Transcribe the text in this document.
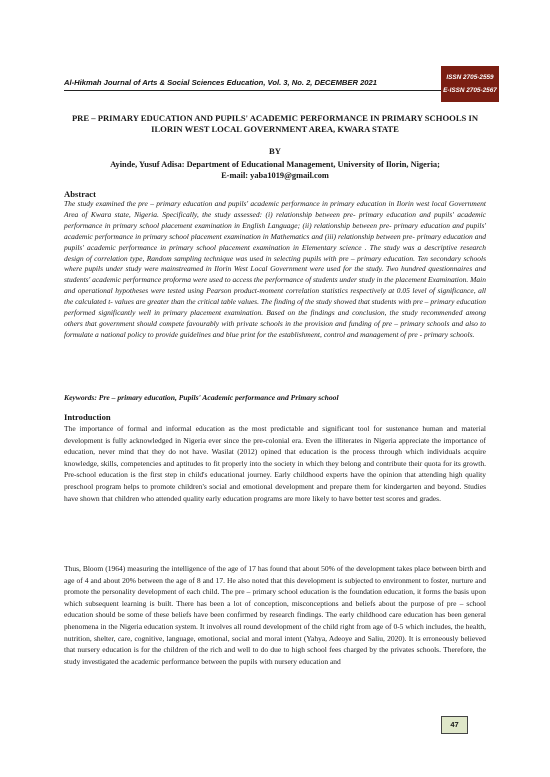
Al-Hikmah Journal of Arts & Social Sciences Education, Vol. 3, No. 2, DECEMBER 2021
ISSN 2705-2559
E-ISSN 2705-2567
PRE – PRIMARY EDUCATION AND PUPILS' ACADEMIC PERFORMANCE IN PRIMARY SCHOOLS IN ILORIN WEST LOCAL GOVERNMENT AREA, KWARA STATE
BY
Ayinde, Yusuf Adisa: Department of Educational Management, University of Ilorin, Nigeria;
E-mail: yaba1019@gmail.com
Abstract
The study examined the pre – primary education and pupils' academic performance in primary education in Ilorin west local Government Area of Kwara state, Nigeria. Specifically, the study assessed: (i) relationship between pre- primary education and pupils' academic performance in primary school placement examination in English Language; (ii) relationship between pre- primary education and pupils' academic performance in primary school placement examination in Mathematics and (iii) relationship between pre- primary education and pupils' academic performance in primary school placement examination in Elementary science . The study was a descriptive research design of correlation type, Random sampling technique was used in selecting pupils with pre – primary education. Ten secondary schools where pupils under study were mainstreamed in Ilorin West Local Government were used for the study. Two hundred questionnaires and students' academic performance proforma were used to access the performance of students under study in the placement Examination. Main and operational hypotheses were tested using Pearson product-moment correlation statistics respectively at 0.05 level of significance, all the calculated t- values are greater than the critical table values. The finding of the study showed that students with pre – primary education performed significantly well in primary placement examination. Based on the findings and conclusion, the study recommended among others that government should compete favourably with private schools in the provision and funding of pre – primary schools and also to formulate a national policy to provide guidelines and blue print for the establishment, control and management of pre - primary schools.
Keywords: Pre – primary education, Pupils' Academic performance and Primary school
Introduction
The importance of formal and informal education as the most predictable and significant tool for sustenance human and material development is fully acknowledged in Nigeria ever since the pre-colonial era. Even the illiterates in Nigeria appreciate the importance of education, never mind that they do not have. Wasilat (2012) opined that education is the process through which individuals acquire knowledge, skills, competencies and aptitudes to fit properly into the society in which they belong and contribute their quota for its growth. Pre-school education is the first step in child's educational journey. Early childhood experts have the opinion that attending high quality preschool program helps to promote children's social and emotional development and prepare them for kindergarten and beyond. Studies have shown that children who attended quality early education programs are more likely to have better test scores and grades.
Thus, Bloom (1964) measuring the intelligence of the age of 17 has found that about 50% of the development takes place between birth and age of 4 and about 20% between the age of 8 and 17. He also noted that this development is subjected to environment to foster, nurture and promote the personality development of each child. The pre – primary school education is the foundation education, it forms the basis upon which subsequent learning is built. There has been a lot of conception, misconceptions and beliefs about the purpose of pre – school education should be some of these beliefs have been confirmed by research findings. The early childhood care education has been general phenomena in the Nigeria education system. It involves all round development of the child right from age of 0-5 which includes, the health, nutrition, shelter, care, cognitive, language, emotional, social and moral intent (Yahya, Adeoye and Saliu, 2020). It is erroneously believed that nursery education is for the children of the rich and well to do due to high school fees charged by the privates schools. Therefore, the study investigated the academic performance between the pupils with nursery education and
47
